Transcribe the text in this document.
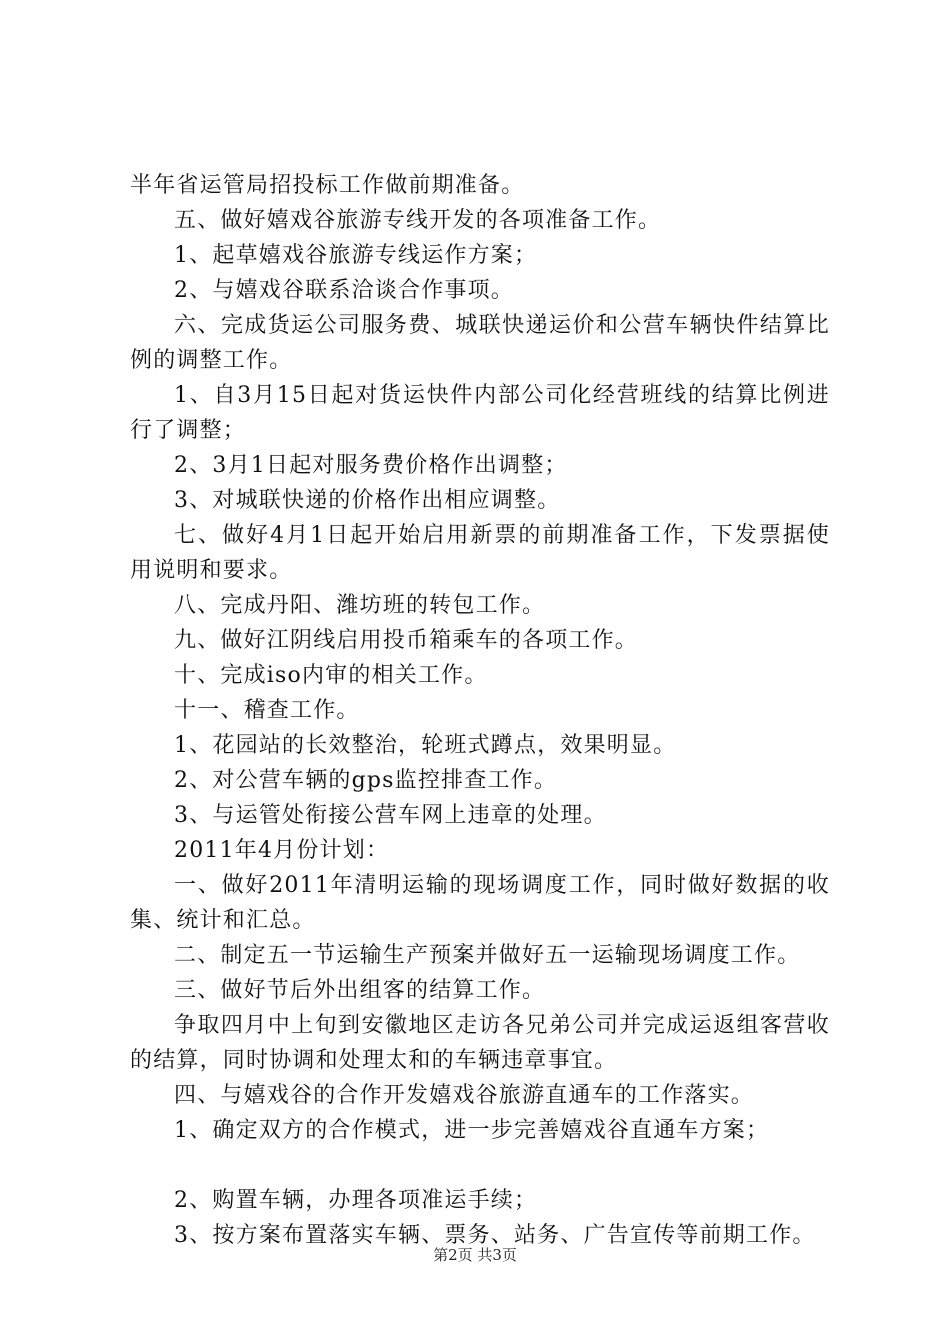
半年省运管局招投标工作做前期准备。

五、做好嬉戏谷旅游专线开发的各项准备工作。

1、起草嬉戏谷旅游专线运作方案；

2、与嬉戏谷联系洽谈合作事项。

六、完成货运公司服务费、城联快递运价和公营车辆快件结算比例的调整工作。

1、自3月15日起对货运快件内部公司化经营班线的结算比例进行了调整；

2、3月1日起对服务费价格作出调整；

3、对城联快递的价格作出相应调整。

七、做好4月1日起开始启用新票的前期准备工作，下发票据使用说明和要求。

八、完成丹阳、潍坊班的转包工作。

九、做好江阴线启用投币箱乘车的各项工作。

十、完成iso内审的相关工作。

十一、稽查工作。

1、花园站的长效整治，轮班式蹲点，效果明显。

2、对公营车辆的gps监控排查工作。

3、与运管处衔接公营车网上违章的处理。

2011年4月份计划：

一、做好2011年清明运输的现场调度工作，同时做好数据的收集、统计和汇总。

二、制定五一节运输生产预案并做好五一运输现场调度工作。

三、做好节后外出组客的结算工作。

争取四月中上旬到安徽地区走访各兄弟公司并完成运返组客营收的结算，同时协调和处理太和的车辆违章事宜。

四、与嬉戏谷的合作开发嬉戏谷旅游直通车的工作落实。

1、确定双方的合作模式，进一步完善嬉戏谷直通车方案；

2、购置车辆，办理各项准运手续；

3、按方案布置落实车辆、票务、站务、广告宣传等前期工作。

第2页 共3页
